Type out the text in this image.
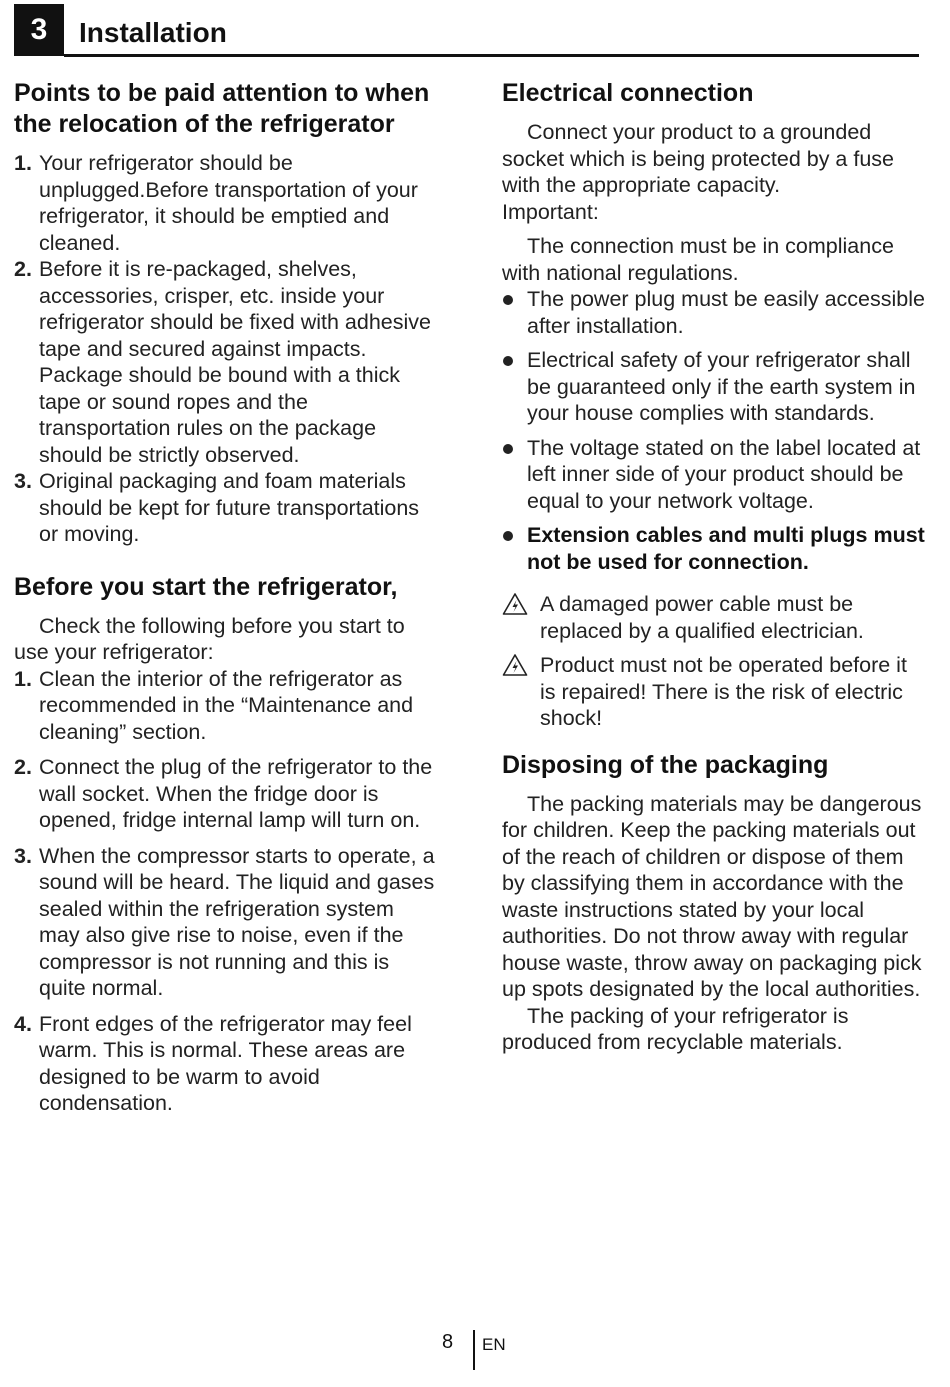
3	Installation
Points to be paid attention to when the relocation of the refrigerator
1. Your refrigerator should be unplugged.Before transportation of your refrigerator, it should be emptied and cleaned.
2. Before it is re-packaged, shelves, accessories, crisper, etc. inside your refrigerator should be fixed with adhesive tape and secured against impacts. Package should be bound with a thick tape or sound ropes and the transportation rules on the package should be strictly observed.
3. Original packaging and foam materials should be kept for future transportations or moving.
Before you start the refrigerator,

Check the following before you start to use your refrigerator:

1. Clean the interior of the refrigerator as recommended in the “Maintenance and cleaning” section.
2. Connect the plug of the refrigerator to the wall socket. When the fridge door is opened, fridge internal lamp will turn on.
3. When the compressor starts to operate, a sound will be heard. The liquid and gases sealed within the refrigeration system may also give rise to noise, even if the compressor is not running and this is quite normal.
4. Front edges of the refrigerator may feel warm. This is normal. These areas are designed to be warm to avoid condensation.
Electrical connection

Connect your product to a grounded socket which is being protected by a fuse with the appropriate capacity.

Important:

The connection must be in compliance with national regulations.

The power plug must be easily accessible after installation.
Electrical safety of your refrigerator shall be guaranteed only if the earth system in your house complies with standards.
The voltage stated on the label located at left inner side of your product should be equal to your network voltage.
Extension cables and multi plugs must not be used for connection.
A damaged power cable must be replaced by a qualified electrician.
Product must not be operated before it is repaired! There is the risk of electric shock!
Disposing of the packaging

The packing materials may be dangerous for children. Keep the packing materials out of the reach of children or dispose of them by classifying them in accordance with the waste instructions stated by your local authorities. Do not throw away with regular house waste, throw away on packaging pick up spots designated by the local authorities.

The packing of your refrigerator is produced from recyclable materials.

8 EN
